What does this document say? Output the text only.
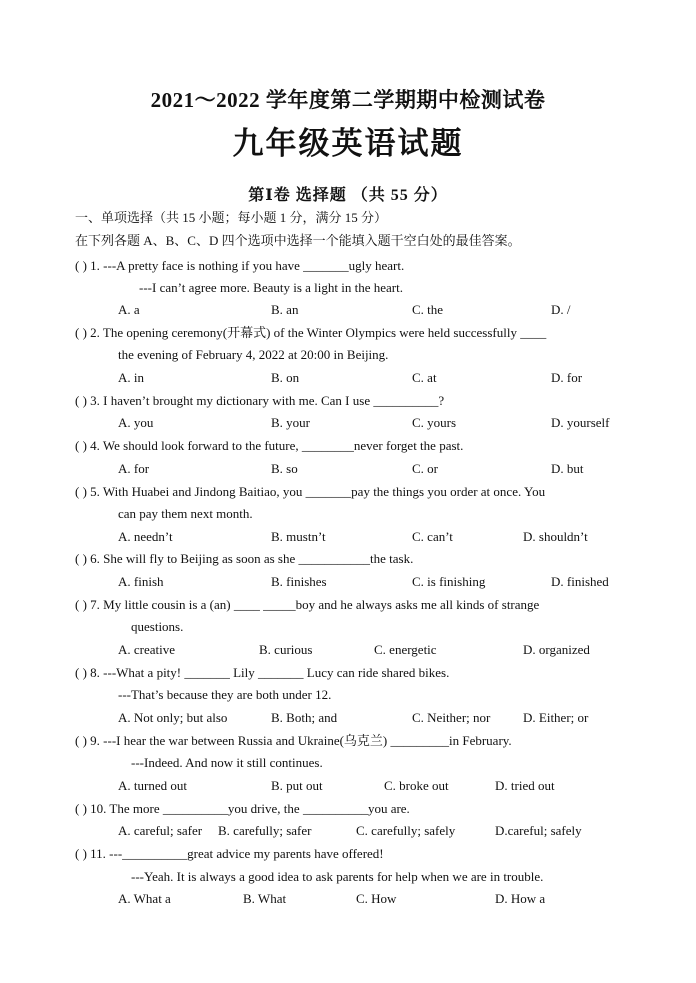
2021～2022 学年度第二学期期中检测试卷
九年级英语试题
第Ⅰ卷 选择题 （共 55 分）
一、单项选择（共 15 小题；每小题 1 分，满分 15 分）
在下列各题 A、B、C、D 四个选项中选择一个能填入题干空白处的最佳答案。
( ) 1. ---A pretty face is nothing if you have _______ugly heart.
---I can’t agree more. Beauty is a light in the heart.
A. a	B. an	C. the	D. /
( ) 2. The opening ceremony(开幕式) of the Winter Olympics were held successfully ____
the evening of February 4, 2022 at 20:00 in Beijing.
A. in	B. on	C. at	D. for
( ) 3. I haven’t brought my dictionary with me. Can I use __________?
A. you	B. your	C. yours	D. yourself
( ) 4. We should look forward to the future, ________never forget the past.
A. for	B. so	C. or	D. but
( ) 5. With Huabei and Jindong Baitiao, you _______pay the things you order at once. You
can pay them next month.
A. needn’t	B. mustn’t	C. can’t	D. shouldn’t
( ) 6. She will fly to Beijing as soon as she ___________the task.
A. finish	B. finishes	C. is finishing	D. finished
( ) 7. My little cousin is a (an) ____ _____boy and he always asks me all kinds of strange
questions.
A. creative	B. curious	C. energetic	D. organized
( ) 8. ---What a pity! _______ Lily _______ Lucy can ride shared bikes.
---That’s because they are both under 12.
A. Not only; but also	B. Both; and	C. Neither; nor	D. Either; or
( ) 9. ---I hear the war between Russia and Ukraine(乌克兰) _________in February.
---Indeed. And now it still continues.
A. turned out	B. put out	C. broke out	D. tried out
( ) 10. The more __________you drive, the __________you are.
A. careful; safer B. carefully; safer	C. carefully; safely	D.careful; safely
( ) 11. ---__________great advice my parents have offered!
---Yeah. It is always a good idea to ask parents for help when we are in trouble.
A. What a	B. What	C. How	D. How a
